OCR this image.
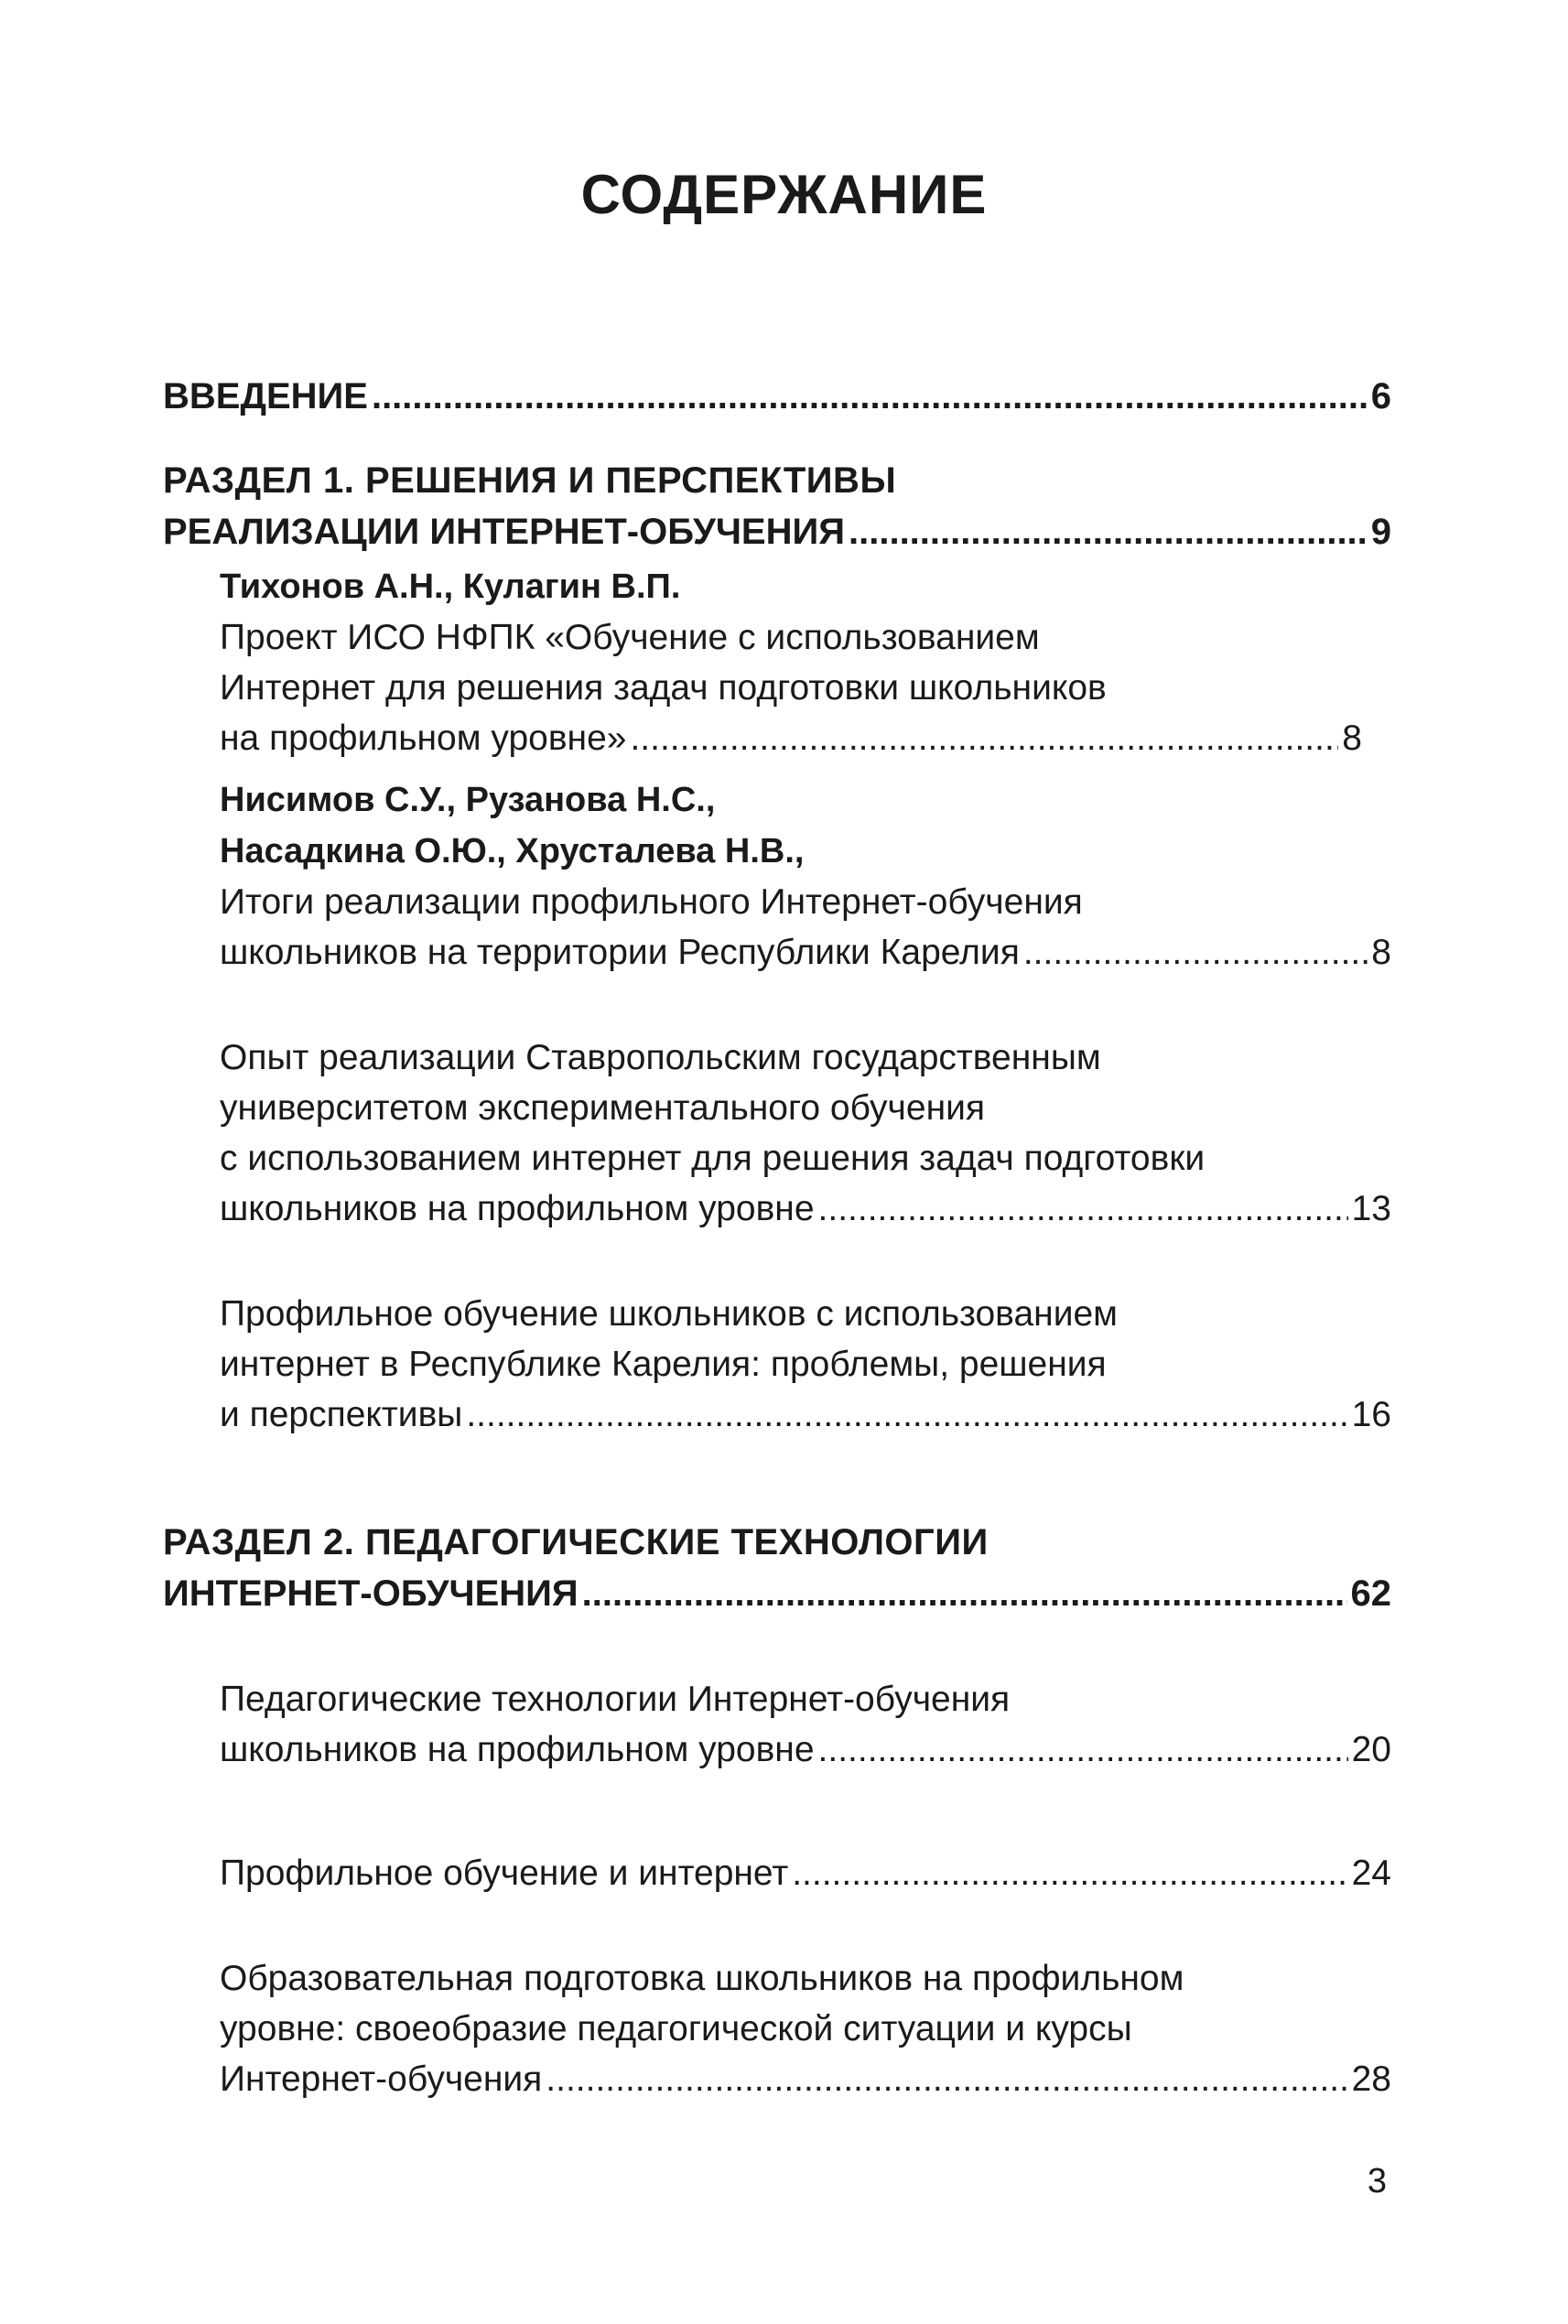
СОДЕРЖАНИЕ
ВВЕДЕНИЕ .....	6
РАЗДЕЛ 1. РЕШЕНИЯ И ПЕРСПЕКТИВЫ
РЕАЛИЗАЦИИ ИНТЕРНЕТ-ОБУЧЕНИЯ .....	9
Тихонов А.Н., Кулагин В.П.
Проект ИСО НФПК «Обучение с использованием
Интернет для решения задач подготовки школьников
на профильном уровне» .....	8
Нисимов С.У., Рузанова Н.С.,
Насадкина О.Ю., Хрусталева Н.В.,
Итоги реализации профильного Интернет-обучения
школьников на территории Республики Карелия .....	8
Опыт реализации Ставропольским государственным
университетом экспериментального обучения
с использованием интернет для решения задач подготовки
школьников на профильном уровне .....	13
Профильное обучение школьников с использованием
интернет в Республике Карелия: проблемы, решения
и перспективы .....	16
РАЗДЕЛ 2. ПЕДАГОГИЧЕСКИЕ ТЕХНОЛОГИИ
ИНТЕРНЕТ-ОБУЧЕНИЯ .....	62
Педагогические технологии Интернет-обучения
школьников на профильном уровне .....	20
Профильное обучение и интернет .....	24
Образовательная подготовка школьников на профильном
уровне: своеобразие педагогической ситуации и курсы
Интернет-обучения .....	28
3
